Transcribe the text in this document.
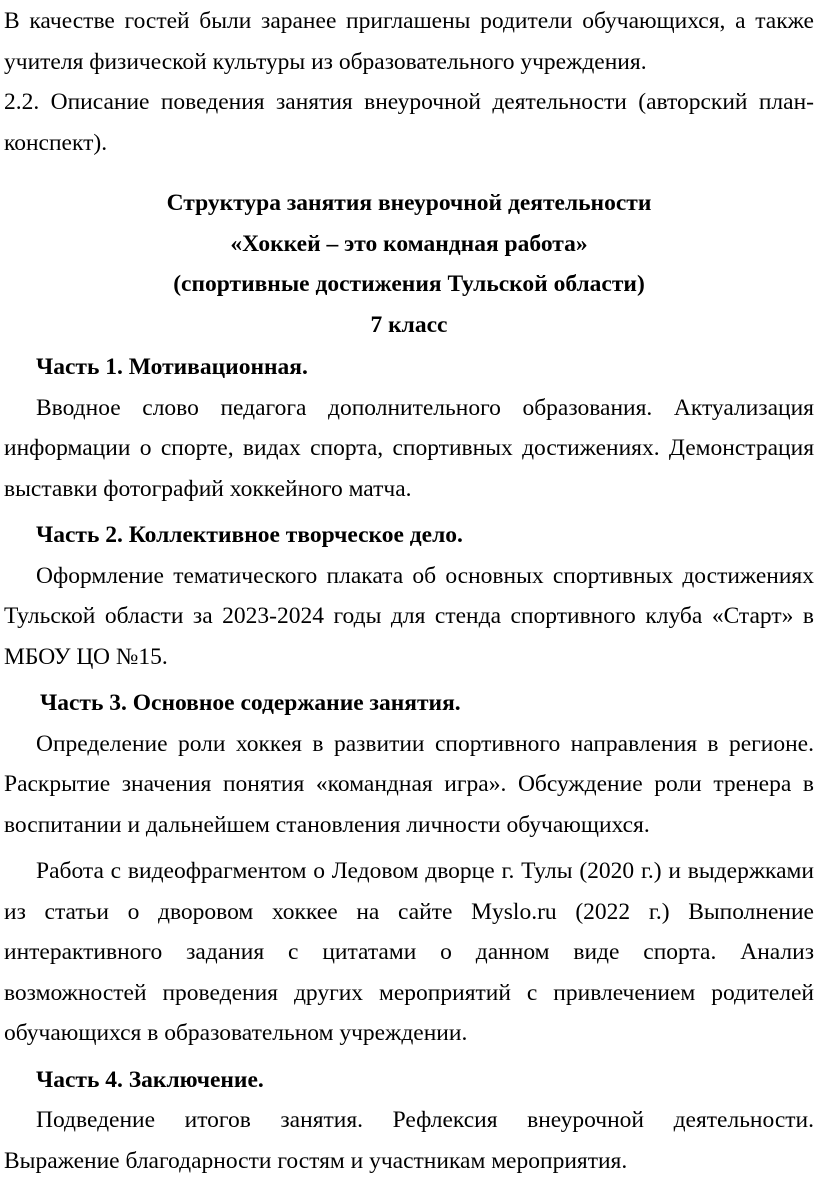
В качестве гостей были заранее приглашены родители обучающихся, а также учителя физической культуры из образовательного учреждения.

2.2. Описание поведения занятия внеурочной деятельности (авторский план-конспект).

Структура занятия внеурочной деятельности

«Хоккей – это командная работа»

(спортивные достижения Тульской области)

7 класс

Часть 1. Мотивационная.

Вводное слово педагога дополнительного образования. Актуализация информации о спорте, видах спорта, спортивных достижениях. Демонстрация выставки фотографий хоккейного матча.

Часть 2. Коллективное творческое дело.

Оформление тематического плаката об основных спортивных достижениях Тульской области за 2023-2024 годы для стенда спортивного клуба «Старт» в МБОУ ЦО №15.

Часть 3. Основное содержание занятия.

Определение роли хоккея в развитии спортивного направления в регионе. Раскрытие значения понятия «командная игра». Обсуждение роли тренера в воспитании и дальнейшем становления личности обучающихся.

Работа с видеофрагментом о Ледовом дворце г. Тулы (2020 г.) и выдержками из статьи о дворовом хоккее на сайте Myslo.ru (2022 г.) Выполнение интерактивного задания с цитатами о данном виде спорта. Анализ возможностей проведения других мероприятий с привлечением родителей обучающихся в образовательном учреждении.

Часть 4. Заключение.

Подведение итогов занятия. Рефлексия внеурочной деятельности. Выражение благодарности гостям и участникам мероприятия.
